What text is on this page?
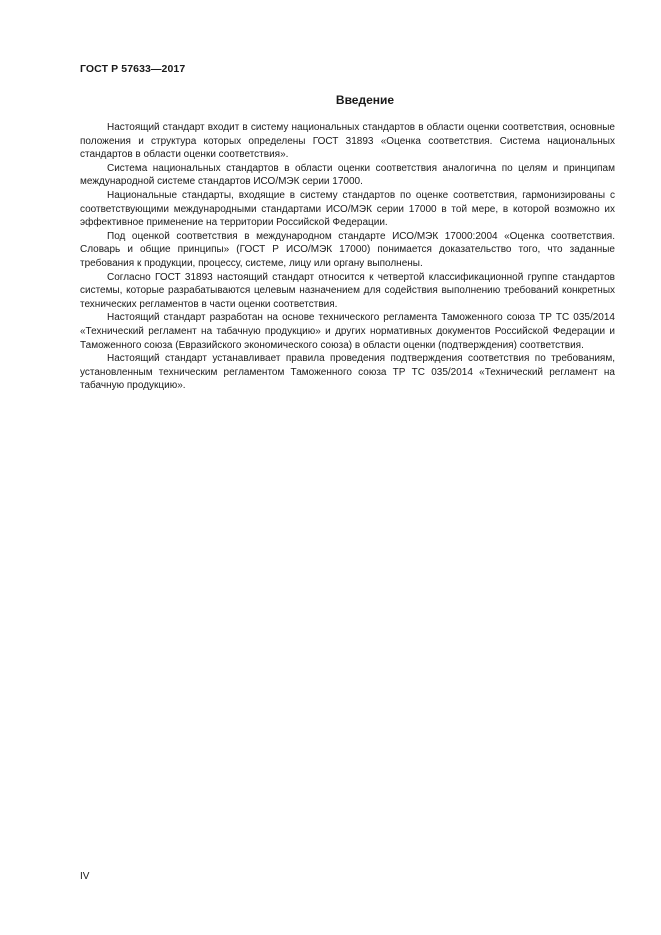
ГОСТ Р 57633—2017
Введение

Настоящий стандарт входит в систему национальных стандартов в области оценки соответствия, основные положения и структура которых определены ГОСТ 31893 «Оценка соответствия. Система национальных стандартов в области оценки соответствия».

Система национальных стандартов в области оценки соответствия аналогична по целям и принципам международной системе стандартов ИСО/МЭК серии 17000.

Национальные стандарты, входящие в систему стандартов по оценке соответствия, гармонизированы с соответствующими международными стандартами ИСО/МЭК серии 17000 в той мере, в которой возможно их эффективное применение на территории Российской Федерации.

Под оценкой соответствия в международном стандарте ИСО/МЭК 17000:2004 «Оценка соответствия. Словарь и общие принципы» (ГОСТ Р ИСО/МЭК 17000) понимается доказательство того, что заданные требования к продукции, процессу, системе, лицу или органу выполнены.

Согласно ГОСТ 31893 настоящий стандарт относится к четвертой классификационной группе стандартов системы, которые разрабатываются целевым назначением для содействия выполнению требований конкретных технических регламентов в части оценки соответствия.

Настоящий стандарт разработан на основе технического регламента Таможенного союза ТР ТС 035/2014 «Технический регламент на табачную продукцию» и других нормативных документов Российской Федерации и Таможенного союза (Евразийского экономического союза) в области оценки (подтверждения) соответствия.

Настоящий стандарт устанавливает правила проведения подтверждения соответствия по требованиям, установленным техническим регламентом Таможенного союза ТР ТС 035/2014 «Технический регламент на табачную продукцию».

IV
